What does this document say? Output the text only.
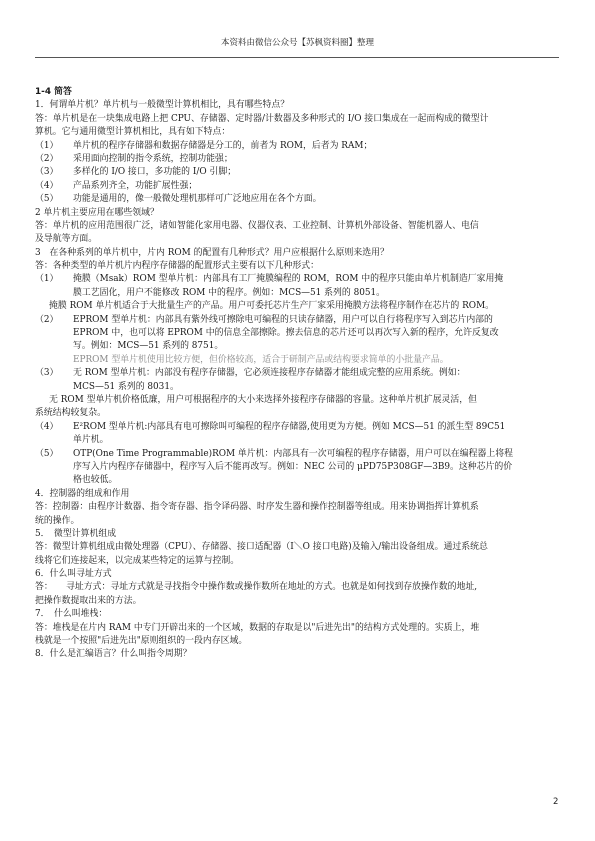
本资料由微信公众号【苏枫资料圈】整理
1-4 简答
1．何谓单片机？单片机与一般微型计算机相比，具有哪些特点？
答：单片机是在一块集成电路上把 CPU、存储器、定时器/计数器及多种形式的 I/O 接口集成在一起而构成的微型计
算机。它与通用微型计算机相比，具有如下特点：
（1） 单片机的程序存储器和数据存储器是分工的，前者为 ROM，后者为 RAM；
（2） 采用面向控制的指令系统，控制功能强；
（3） 多样化的 I/O 接口，多功能的 I/O 引脚；
（4） 产品系列齐全，功能扩展性强；
（5） 功能是通用的，像一般微处理机那样可广泛地应用在各个方面。
2 单片机主要应用在哪些领域？
答：单片机的应用范围很广泛，诸如智能化家用电器、仪器仪表、工业控制、计算机外部设备、智能机器人、电信
及导航等方面。
3　在各种系列的单片机中，片内 ROM 的配置有几种形式？用户应根据什么原则来选用？
答：各种类型的单片机片内程序存储器的配置形式主要有以下几种形式：
（1） 掩膜（Msak）ROM 型单片机：内部具有工厂掩膜编程的 ROM，ROM 中的程序只能由单片机制造厂家用掩
膜工艺固化，用户不能修改 ROM 中的程序。例如：MCS—51 系列的 8051。
掩膜 ROM 单片机适合于大批量生产的产品。用户可委托芯片生产厂家采用掩膜方法将程序制作在芯片的 ROM。
（2） EPROM 型单片机：内部具有紫外线可擦除电可编程的只读存储器，用户可以自行将程序写入到芯片内部的
EPROM 中，也可以将 EPROM 中的信息全部擦除。擦去信息的芯片还可以再次写入新的程序，允许反复改
写。例如：MCS—51 系列的 8751。
EPROM 型单片机使用比较方便，但价格较高，适合于研制产品或结构要求简单的小批量产品。
（3） 无 ROM 型单片机：内部没有程序存储器，它必须连接程序存储器才能组成完整的应用系统。例如：
MCS—51 系列的 8031。
无 ROM 型单片机价格低廉，用户可根据程序的大小来选择外接程序存储器的容量。这种单片机扩展灵活，但
系统结构较复杂。
（4） E²ROM 型单片机:内部具有电可擦除叫可编程的程序存储器,使用更为方便。例如 MCS—51 的派生型 89C51
单片机。
（5） OTP(One Time Programmable)ROM 单片机：内部具有一次可编程的程序存储器，用户可以在编程器上将程
序写入片内程序存储器中，程序写入后不能再改写。例如：NEC 公司的 μPD75P308GF—3B9。这种芯片的价
格也较低。
4．控制器的组成和作用
答：控制器：由程序计数器、指令寄存器、指令译码器、时序发生器和操作控制器等组成。用来协调指挥计算机系
统的操作。
5．　微型计算机组成
答：微型计算机组成由微处理器（CPU）、存储器、接口适配器（I＼O 接口电路)及输入/输出设备组成。通过系统总
线将它们连接起来，以完成某些特定的运算与控制。
6．什么叫寻址方式
答：　　寻址方式：寻址方式就是寻找指令中操作数或操作数所在地址的方式。也就是如何找到存放操作数的地址,
把操作数提取出来的方法。
7．　什么叫堆栈：
答：堆栈是在片内 RAM 中专门开辟出来的一个区域，数据的存取是以"后进先出"的结构方式处理的。实质上，堆
栈就是一个按照"后进先出"原则组织的一段内存区域。
8．什么是汇编语言？什么叫指令周期？
2
